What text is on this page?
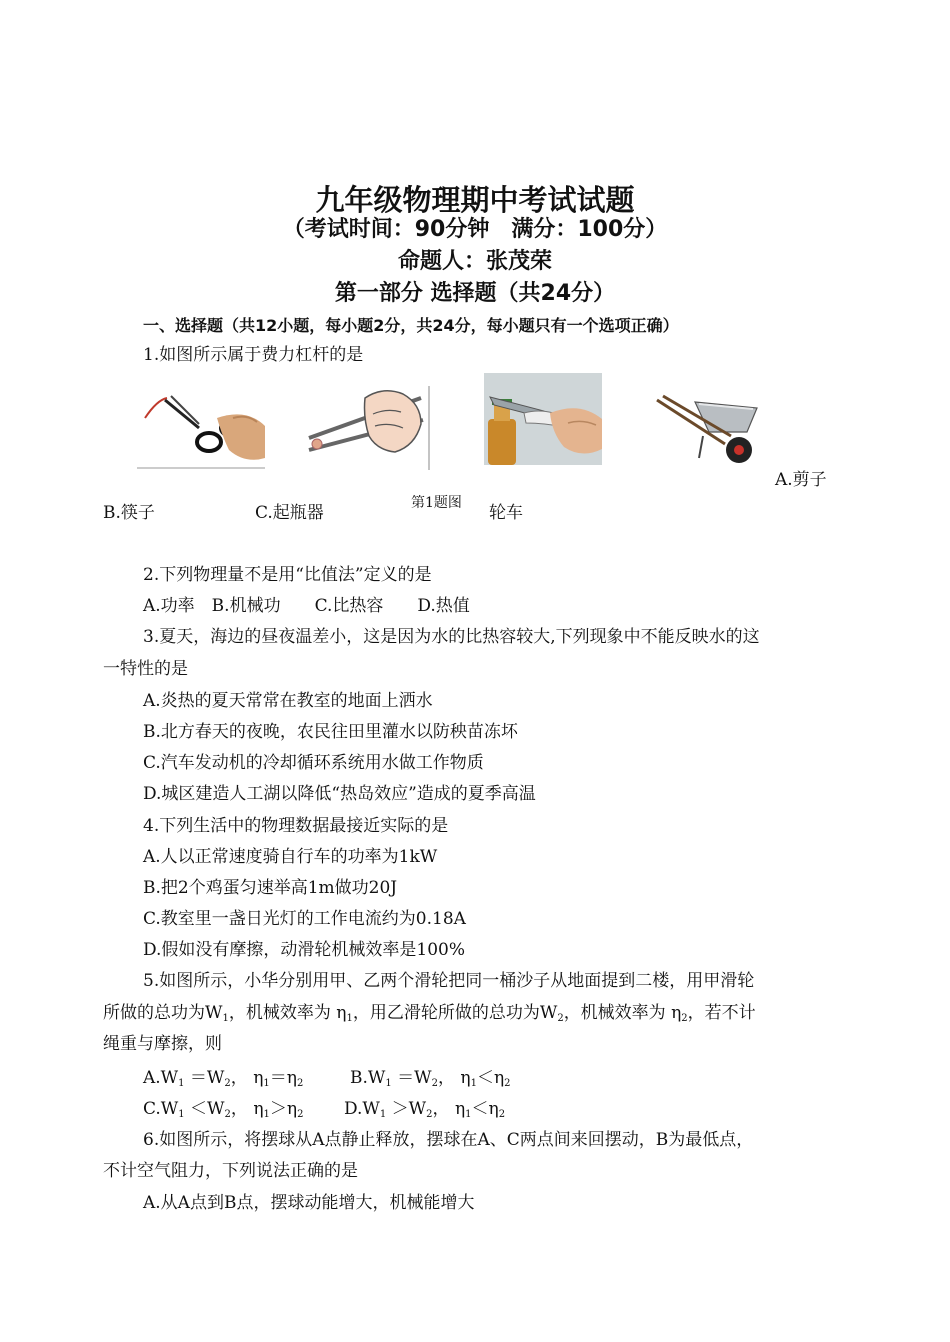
九年级物理期中考试试题
（考试时间：90分钟　满分：100分）
命题人：张茂荣
第一部分 选择题（共24分）
一、选择题（共12小题，每小题2分，共24分，每小题只有一个选项正确）
1.如图所示属于费力杠杆的是
A.剪子
第1题图
B.筷子	C.起瓶器	轮车
2.下列物理量不是用“比值法”定义的是
A.功率　B.机械功　　C.比热容　　D.热值
3.夏天，海边的昼夜温差小，这是因为水的比热容较大,下列现象中不能反映水的这
一特性的是
A.炎热的夏天常常在教室的地面上洒水
B.北方春天的夜晚，农民往田里灌水以防秧苗冻坏
C.汽车发动机的冷却循环系统用水做工作物质
D.城区建造人工湖以降低“热岛效应”造成的夏季高温
4.下列生活中的物理数据最接近实际的是
A.人以正常速度骑自行车的功率为1kW
B.把2个鸡蛋匀速举高1m做功20J
C.教室里一盏日光灯的工作电流约为0.18A
D.假如没有摩擦，动滑轮机械效率是100%
5.如图所示，小华分别用甲、乙两个滑轮把同一桶沙子从地面提到二楼，用甲滑轮
所做的总功为$W_1$，机械效率为 $\eta_1$，用乙滑轮所做的总功为$W_2$，机械效率为 $\eta_2$，若不计
绳重与摩擦，则
$A.W_1 =W_2$， $\eta_1=\eta_2$	$B.W_1 =W_2$， $\eta_1<\eta_2$
$C.W_1 <W_2$， $\eta_1>\eta_2$ $D.W_1 >W_2$， $\eta_1<\eta_2$
6.如图所示，将摆球从A点静止释放，摆球在A、C两点间来回摆动，B为最低点，
不计空气阻力，下列说法正确的是
A.从A点到B点，摆球动能增大，机械能增大
